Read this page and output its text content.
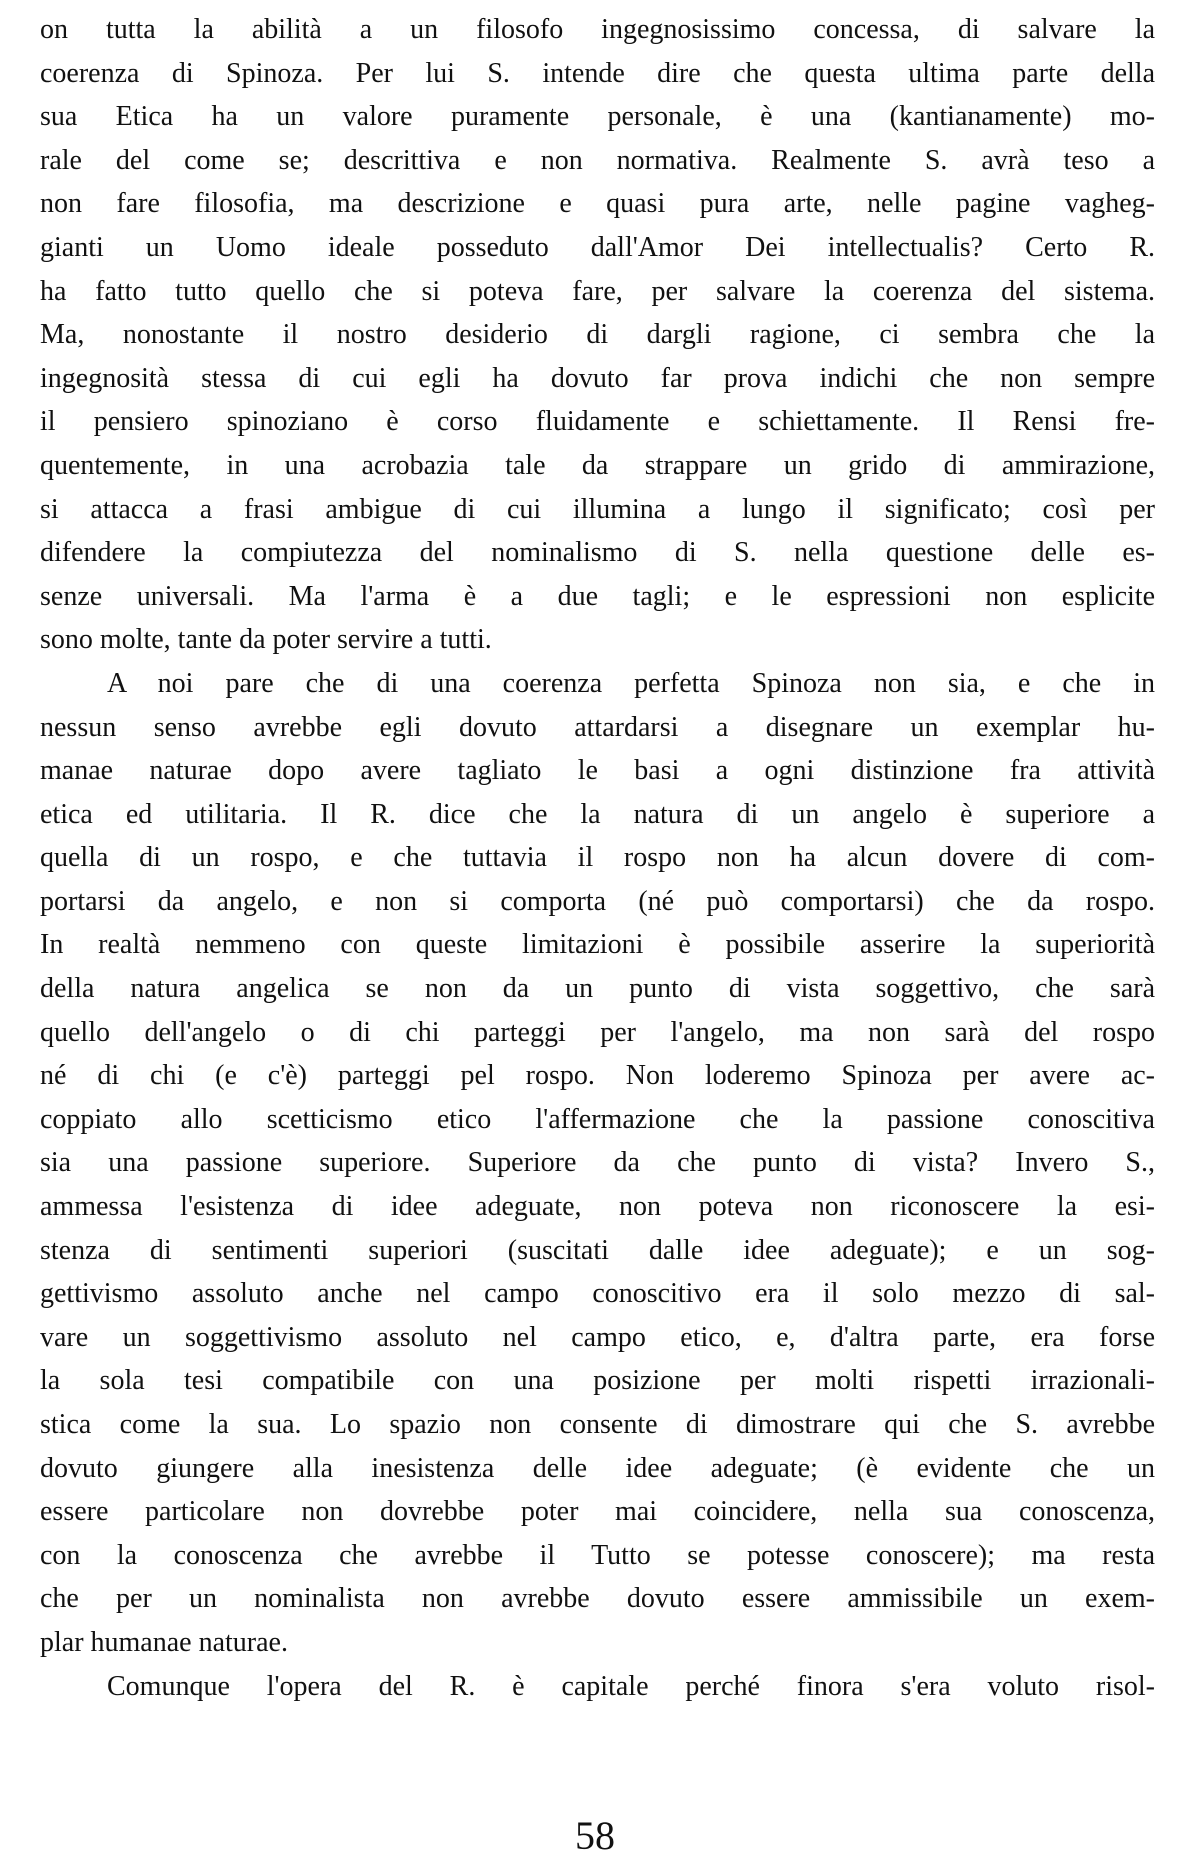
on tutta la abilità a un filosofo ingegnosissimo concessa, di salvare la
coerenza di Spinoza. Per lui S. intende dire che questa ultima parte della
sua Etica ha un valore puramente personale, è una (kantianamente) mo-
rale del come se; descrittiva e non normativa. Realmente S. avrà teso a
non fare filosofia, ma descrizione e quasi pura arte, nelle pagine vagheg-
gianti un Uomo ideale posseduto dall'Amor Dei intellectualis? Certo R.
ha fatto tutto quello che si poteva fare, per salvare la coerenza del sistema.
Ma, nonostante il nostro desiderio di dargli ragione, ci sembra che la
ingegnosità stessa di cui egli ha dovuto far prova indichi che non sempre
il pensiero spinoziano è corso fluidamente e schiettamente. Il Rensi fre-
quentemente, in una acrobazia tale da strappare un grido di ammirazione,
si attacca a frasi ambigue di cui illumina a lungo il significato; così per
difendere la compiutezza del nominalismo di S. nella questione delle es-
senze universali. Ma l'arma è a due tagli; e le espressioni non esplicite
sono molte, tante da poter servire a tutti.
A noi pare che di una coerenza perfetta Spinoza non sia, e che in
nessun senso avrebbe egli dovuto attardarsi a disegnare un exemplar hu-
manae naturae dopo avere tagliato le basi a ogni distinzione fra attività
etica ed utilitaria. Il R. dice che la natura di un angelo è superiore a
quella di un rospo, e che tuttavia il rospo non ha alcun dovere di com-
portarsi da angelo, e non si comporta (né può comportarsi) che da rospo.
In realtà nemmeno con queste limitazioni è possibile asserire la superiorità
della natura angelica se non da un punto di vista soggettivo, che sarà
quello dell'angelo o di chi parteggi per l'angelo, ma non sarà del rospo
né di chi (e c'è) parteggi pel rospo. Non loderemo Spinoza per avere ac-
coppiato allo scetticismo etico l'affermazione che la passione conoscitiva
sia una passione superiore. Superiore da che punto di vista? Invero S.,
ammessa l'esistenza di idee adeguate, non poteva non riconoscere la esi-
stenza di sentimenti superiori (suscitati dalle idee adeguate); e un sog-
gettivismo assoluto anche nel campo conoscitivo era il solo mezzo di sal-
vare un soggettivismo assoluto nel campo etico, e, d'altra parte, era forse
la sola tesi compatibile con una posizione per molti rispetti irrazionali-
stica come la sua. Lo spazio non consente di dimostrare qui che S. avrebbe
dovuto giungere alla inesistenza delle idee adeguate; (è evidente che un
essere particolare non dovrebbe poter mai coincidere, nella sua conoscenza,
con la conoscenza che avrebbe il Tutto se potesse conoscere); ma resta
che per un nominalista non avrebbe dovuto essere ammissibile un exem-
plar humanae naturae.
Comunque l'opera del R. è capitale perché finora s'era voluto risol-
58
